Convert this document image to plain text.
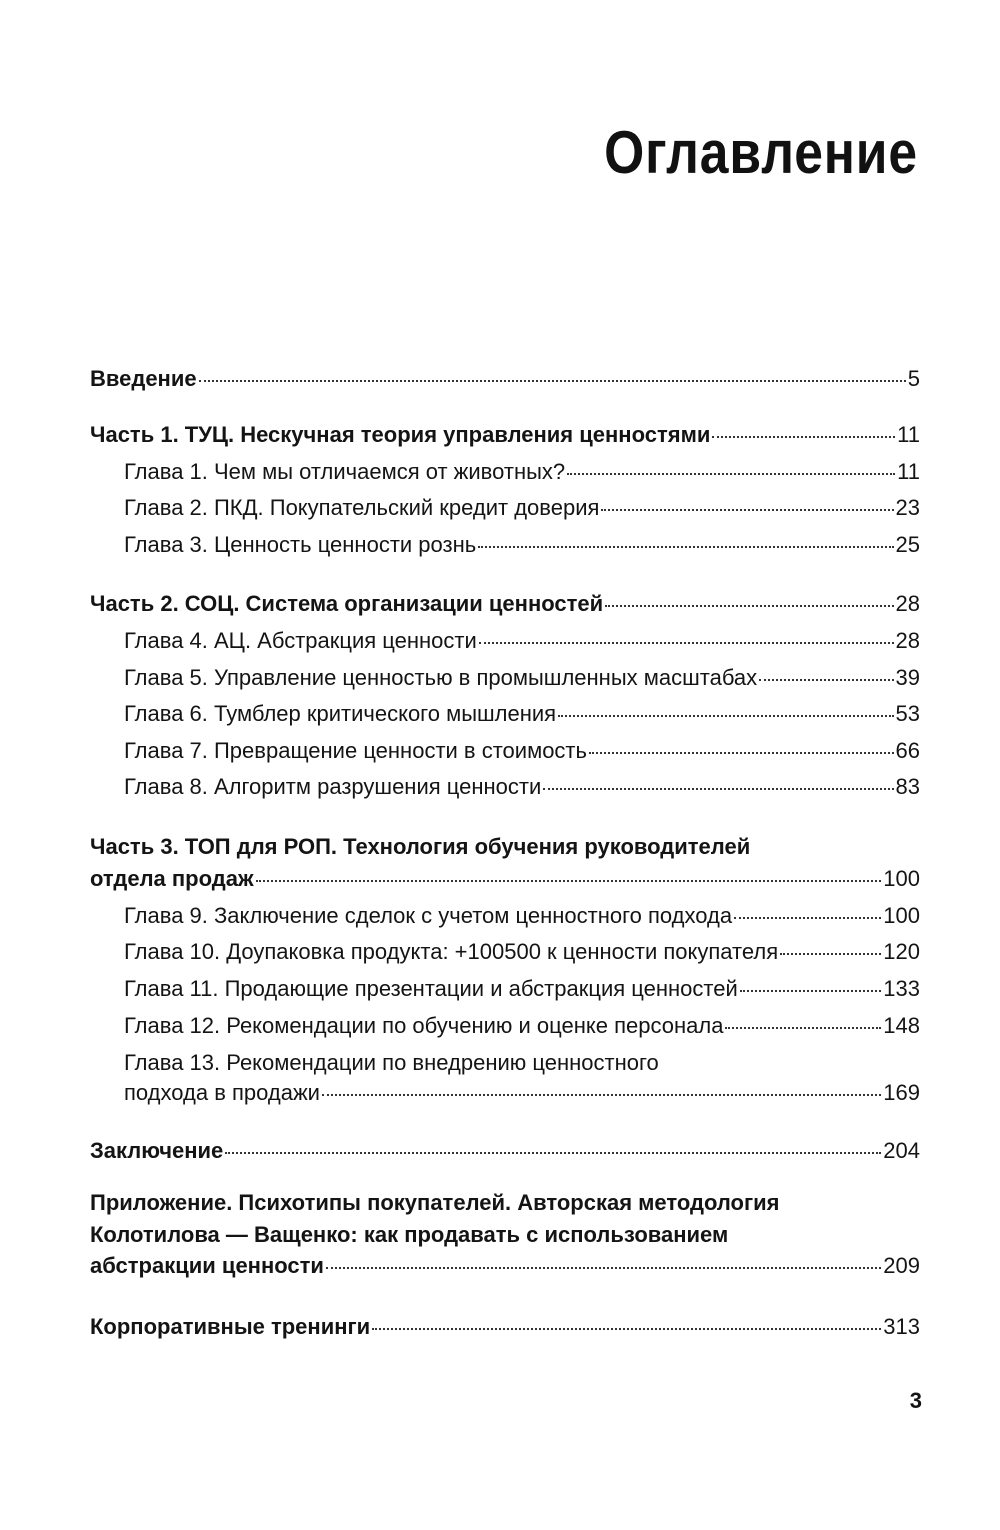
Оглавление
Введение	5
Часть 1. ТУЦ. Нескучная теория управления ценностями	11
Глава 1. Чем мы отличаемся от животных?	11
Глава 2. ПКД. Покупательский кредит доверия	23
Глава 3. Ценность ценности рознь	25
Часть 2. СОЦ. Система организации ценностей	28
Глава 4. АЦ. Абстракция ценности	28
Глава 5. Управление ценностью в промышленных масштабах	39
Глава 6. Тумблер критического мышления	53
Глава 7. Превращение ценности в стоимость	66
Глава 8. Алгоритм разрушения ценности	83
Часть 3. ТОП для РОП. Технология обучения руководителей
отдела продаж	100
Глава 9. Заключение сделок с учетом ценностного подхода	100
Глава 10. Доупаковка продукта: +100500 к ценности покупателя	120
Глава 11. Продающие презентации и абстракция ценностей	133
Глава 12. Рекомендации по обучению и оценке персонала	148
Глава 13. Рекомендации по внедрению ценностного
подхода в продажи	169
Заключение	204
Приложение. Психотипы покупателей. Авторская методология
Колотилова — Ващенко: как продавать с использованием
абстракции ценности	209
Корпоративные тренинги	313
3
